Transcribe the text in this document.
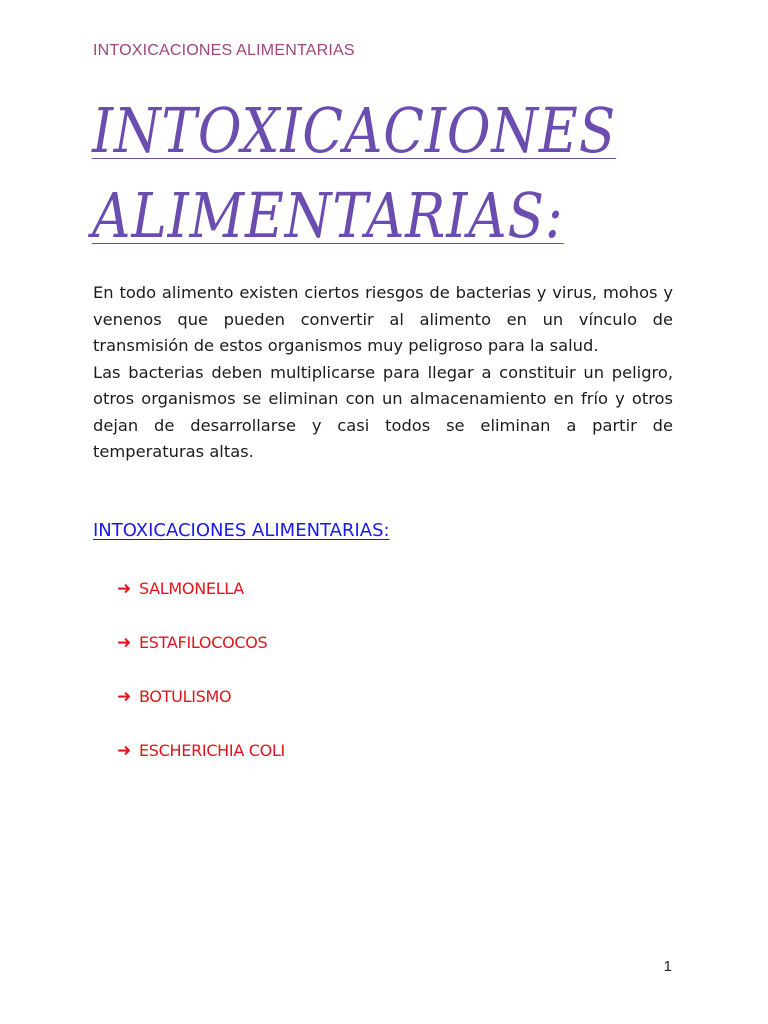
INTOXICACIONES ALIMENTARIAS
INTOXICACIONES
ALIMENTARIAS:

En todo alimento existen ciertos riesgos de bacterias y virus, mohos y venenos que pueden convertir al alimento en un vínculo de transmisión de estos organismos muy peligroso para la salud.

Las bacterias deben multiplicarse para llegar a constituir un peligro, otros organismos se eliminan con un almacenamiento en frío y otros dejan de desarrollarse y casi todos se eliminan a partir de temperaturas altas.

INTOXICACIONES ALIMENTARIAS:
➜ SALMONELLA
➜ ESTAFILOCOCOS
➜ BOTULISMO
➜ ESCHERICHIA COLI
1
